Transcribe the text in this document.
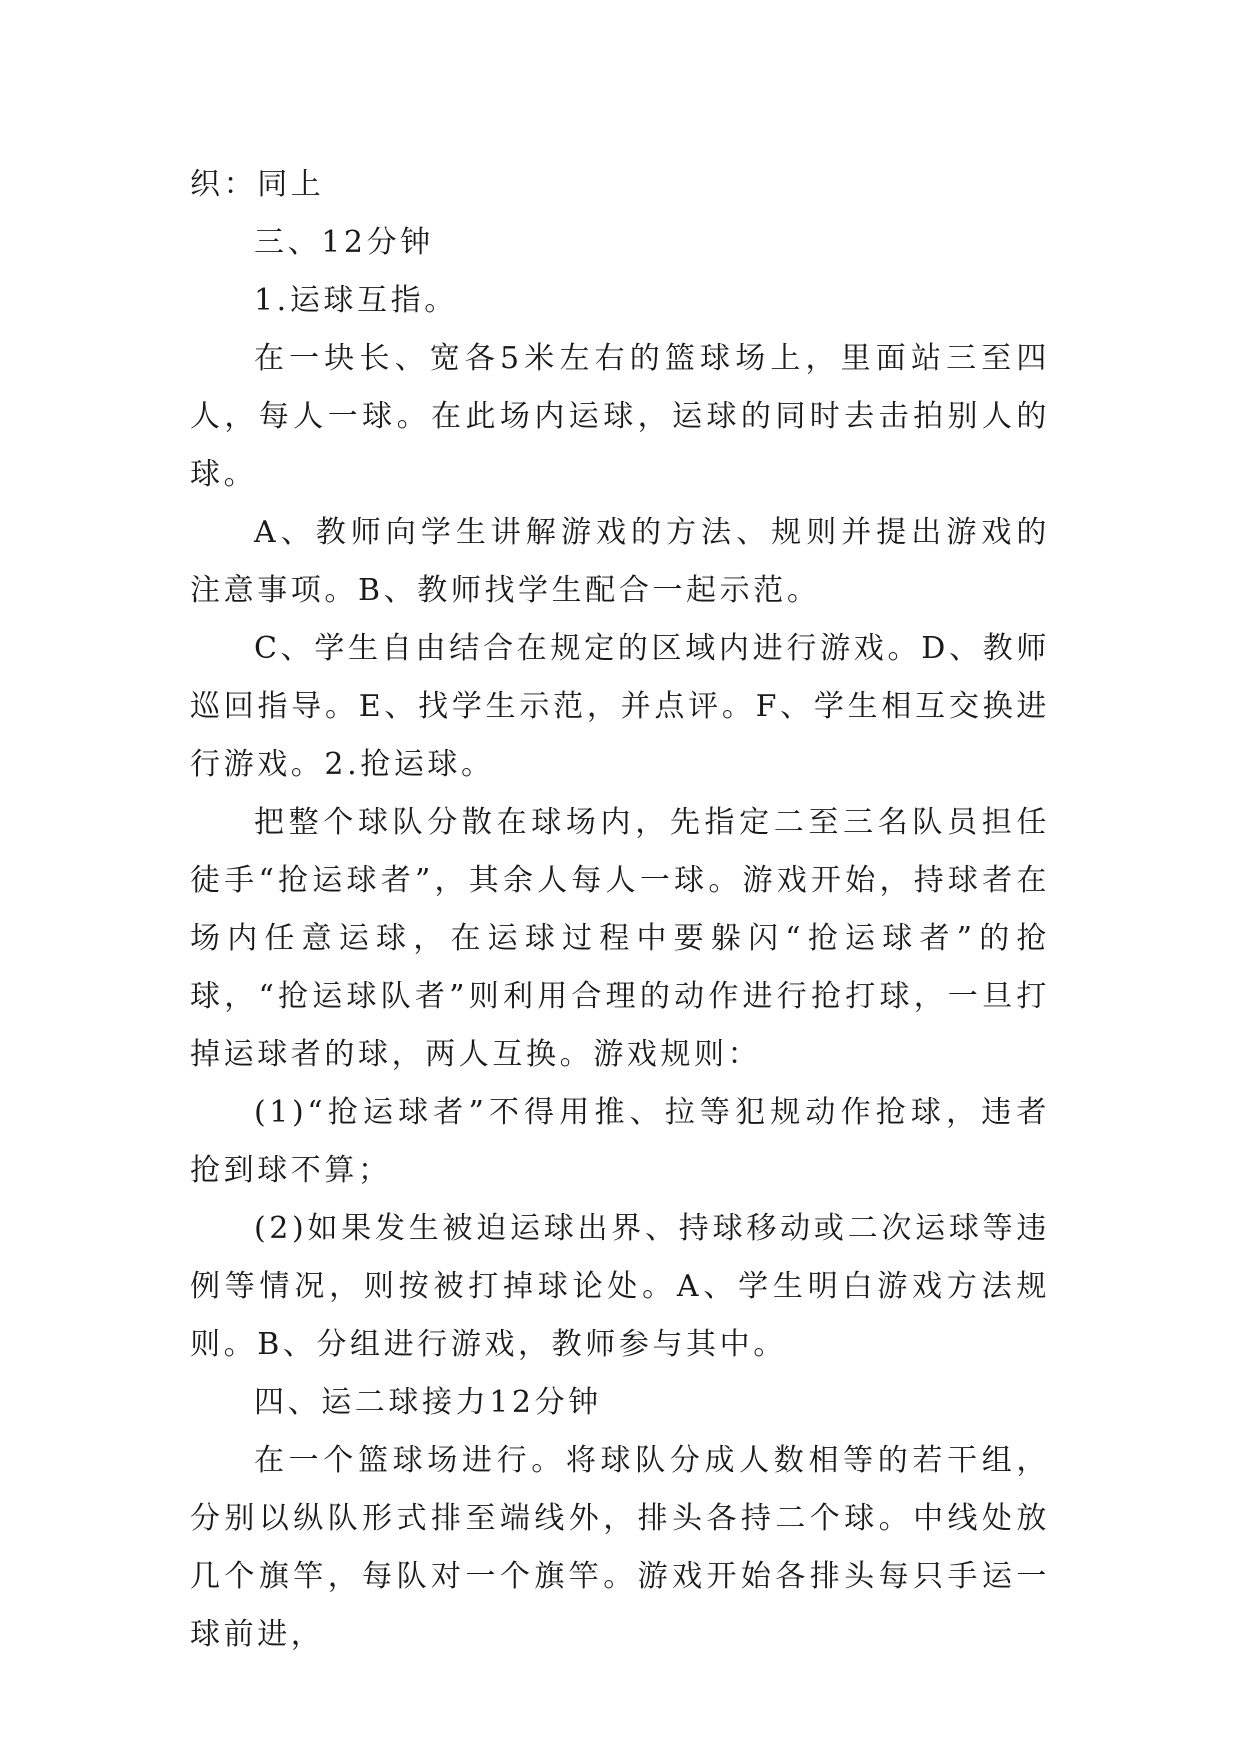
织：同上

三、12分钟

1.运球互指。

在一块长、宽各5米左右的篮球场上，里面站三至四人，每人一球。在此场内运球，运球的同时去击拍别人的球。

A、教师向学生讲解游戏的方法、规则并提出游戏的注意事项。B、教师找学生配合一起示范。

C、学生自由结合在规定的区域内进行游戏。D、教师巡回指导。E、找学生示范，并点评。F、学生相互交换进行游戏。2.抢运球。

把整个球队分散在球场内，先指定二至三名队员担任徒手“抢运球者”，其余人每人一球。游戏开始，持球者在场内任意运球，在运球过程中要躲闪“抢运球者”的抢球，“抢运球队者”则利用合理的动作进行抢打球，一旦打掉运球者的球，两人互换。游戏规则：

(1)“抢运球者”不得用推、拉等犯规动作抢球，违者抢到球不算；

(2)如果发生被迫运球出界、持球移动或二次运球等违例等情况，则按被打掉球论处。A、学生明白游戏方法规则。B、分组进行游戏，教师参与其中。

四、运二球接力12分钟

在一个篮球场进行。将球队分成人数相等的若干组，分别以纵队形式排至端线外，排头各持二个球。中线处放几个旗竿，每队对一个旗竿。游戏开始各排头每只手运一球前进，
